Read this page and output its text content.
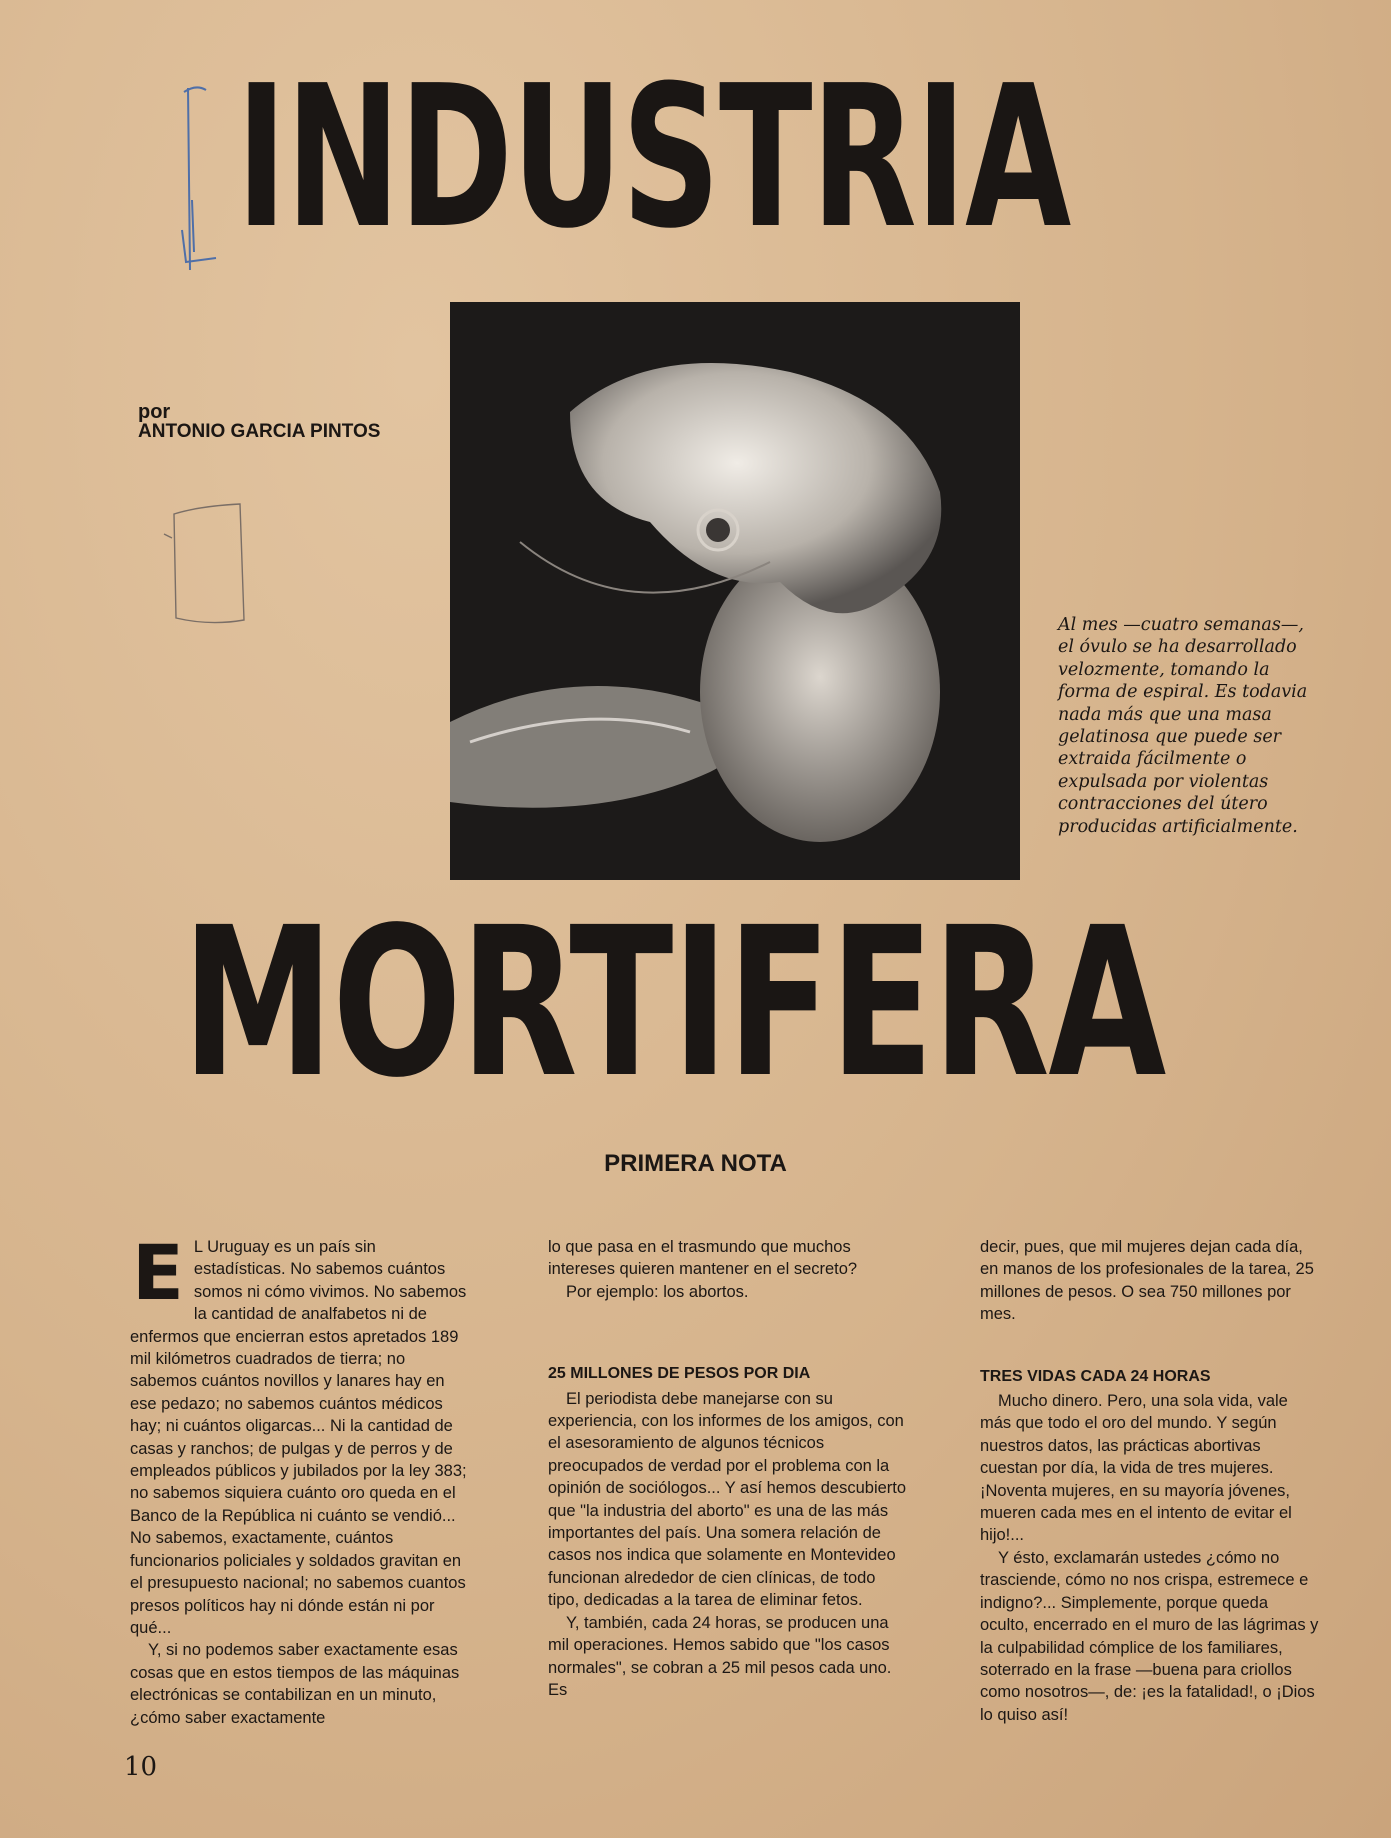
INDUSTRIA
por
ANTONIO GARCIA PINTOS

Al mes —cuatro semanas—, el óvulo se ha desarrollado velozmente, tomando la forma de espiral. Es todavia nada más que una masa gelatinosa que puede ser extraida fácilmente o expulsada por violentas contracciones del útero producidas artificialmente.

MORTIFERA
PRIMERA NOTA
E L Uruguay es un país sin estadísticas. No sabemos cuántos somos ni cómo vivimos. No sabemos la cantidad de analfabetos ni de enfermos que encierran estos apretados 189 mil kilómetros cuadrados de tierra; no sabemos cuántos novillos y lanares hay en ese pedazo; no sabemos cuántos médicos hay; ni cuántos oligarcas... Ni la cantidad de casas y ranchos; de pulgas y de perros y de empleados públicos y jubilados por la ley 383; no sabemos siquiera cuánto oro queda en el Banco de la República ni cuánto se vendió... No sabemos, exactamente, cuántos funcionarios policiales y soldados gravitan en el presupuesto nacional; no sabemos cuantos presos políticos hay ni dónde están ni por qué...

Y, si no podemos saber exactamente esas cosas que en estos tiempos de las máquinas electrónicas se contabilizan en un minuto, ¿cómo saber exactamente

lo que pasa en el trasmundo que muchos intereses quieren mantener en el secreto?

Por ejemplo: los abortos.

25 MILLONES DE PESOS POR DIA

El periodista debe manejarse con su experiencia, con los informes de los amigos, con el asesoramiento de algunos técnicos preocupados de verdad por el problema con la opinión de sociólogos... Y así hemos descubierto que "la industria del aborto" es una de las más importantes del país. Una somera relación de casos nos indica que solamente en Montevideo funcionan alrededor de cien clínicas, de todo tipo, dedicadas a la tarea de eliminar fetos.

Y, también, cada 24 horas, se producen una mil operaciones. Hemos sabido que "los casos normales", se cobran a 25 mil pesos cada uno. Es

decir, pues, que mil mujeres dejan cada día, en manos de los profesionales de la tarea, 25 millones de pesos. O sea 750 millones por mes.

TRES VIDAS CADA 24 HORAS

Mucho dinero. Pero, una sola vida, vale más que todo el oro del mundo. Y según nuestros datos, las prácticas abortivas cuestan por día, la vida de tres mujeres. ¡Noventa mujeres, en su mayoría jóvenes, mueren cada mes en el intento de evitar el hijo!...

Y ésto, exclamarán ustedes ¿cómo no trasciende, cómo no nos crispa, estremece e indigno?... Simplemente, porque queda oculto, encerrado en el muro de las lágrimas y la culpabilidad cómplice de los familiares, soterrado en la frase —buena para criollos como nosotros—, de: ¡es la fatalidad!, o ¡Dios lo quiso así!

10
